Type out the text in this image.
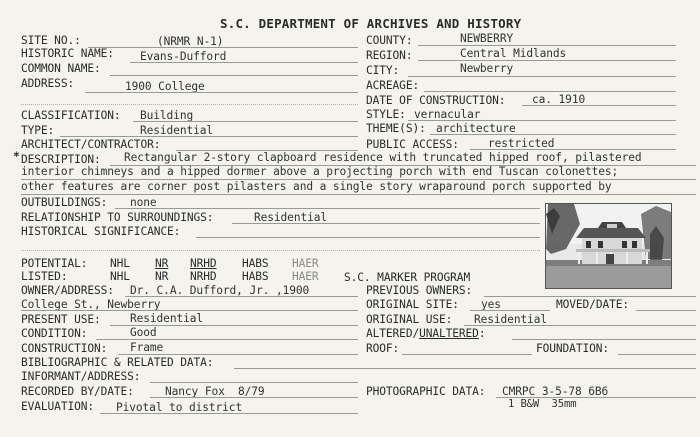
S.C. DEPARTMENT OF ARCHIVES AND HISTORY
SITE NO.:	(NRMR N-1)
HISTORIC NAME: Evans-Dufford
COMMON NAME:
ADDRESS:	1900 College
COUNTY:	NEWBERRY
REGION:	Central Midlands
CITY:	Newberry
ACREAGE:
DATE OF CONSTRUCTION: ca. 1910
CLASSIFICATION: Building	STYLE: vernacular
TYPE:	Residential	THEME(S): architecture
ARCHITECT/CONTRACTOR:	PUBLIC ACCESS:	restricted
* DESCRIPTION: Rectangular 2-story clapboard residence with truncated hipped roof, pilastered
interior chimneys and a hipped dormer above a projecting porch with end Tuscan colonettes;
other features are corner post pilasters and a single story wraparound porch supported by
OUTBUILDINGS: none
RELATIONSHIP TO SURROUNDINGS:	Residential
HISTORICAL SIGNIFICANCE:
POTENTIAL: NHL NR NRHD HABS HAER
LISTED:	NHL NR NRHD HABS HAER S.C. MARKER PROGRAM
OWNER/ADDRESS: Dr. C.A. Dufford, Jr. ,1900
College St., Newberry
PREVIOUS OWNERS:
ORIGINAL SITE: yes	MOVED/DATE:
PRESENT USE:	Residential	ORIGINAL USE: Residential
CONDITION:	Good	ALTERED/UNALTERED:
CONSTRUCTION: Frame	ROOF:	FOUNDATION:
BIBLIOGRAPHIC & RELATED DATA:
INFORMANT/ADDRESS:
RECORDED BY/DATE:	Nancy Fox  8/79	PHOTOGRAPHIC DATA: CMRPC 3-5-78 6B6
1 B&W  35mm
EVALUATION: Pivotal to district
